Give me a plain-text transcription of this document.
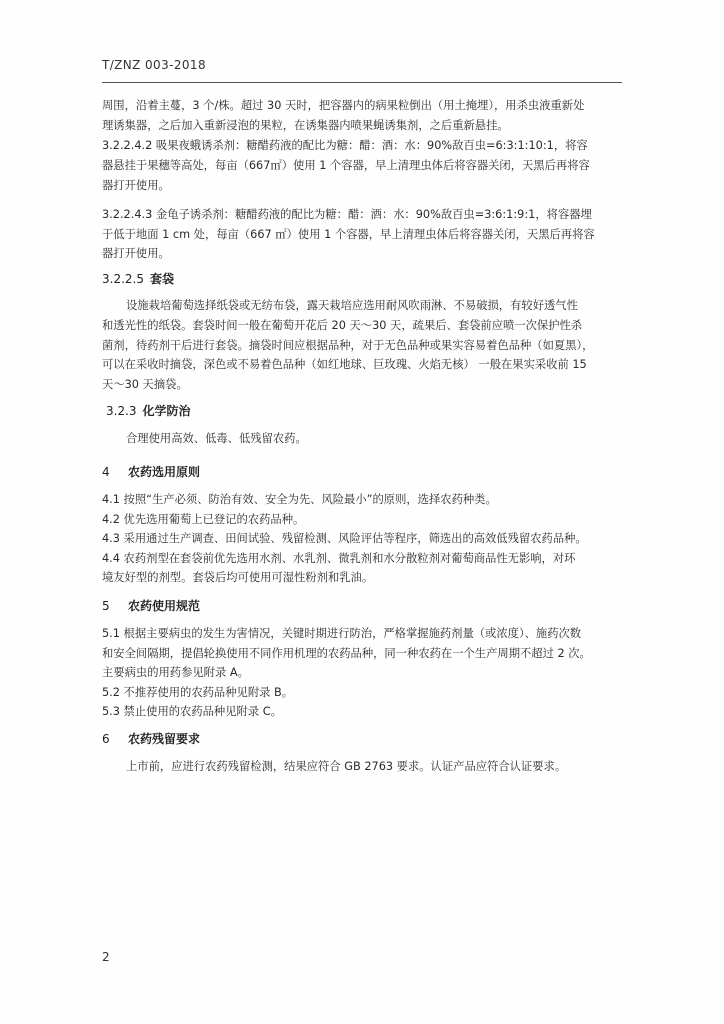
T/ZNZ 003-2018
周围，沿着主蔓，3 个/株。超过 30 天时，把容器内的病果粒倒出（用土掩埋），用杀虫液重新处
理诱集器，之后加入重新浸泡的果粒，在诱集器内喷果蝇诱集剂，之后重新悬挂。
3.2.2.4.2 吸果夜蛾诱杀剂：糖醋药液的配比为糖：醋：酒：水：90%敌百虫=6:3:1:10:1，将容
器悬挂于果穗等高处，每亩（667㎡）使用 1 个容器，早上清理虫体后将容器关闭，天黑后再将容
器打开使用。
3.2.2.4.3 金龟子诱杀剂：糖醋药液的配比为糖：醋：酒：水：90%敌百虫=3:6:1:9:1，将容器埋
于低于地面 1 cm 处，每亩（667 ㎡）使用 1 个容器，早上清理虫体后将容器关闭，天黑后再将容
器打开使用。
3.2.2.5 套袋
设施栽培葡萄选择纸袋或无纺布袋，露天栽培应选用耐风吹雨淋、不易破损，有较好透气性
和透光性的纸袋。套袋时间一般在葡萄开花后 20 天～30 天，疏果后、套袋前应喷一次保护性杀
菌剂，待药剂干后进行套袋。摘袋时间应根据品种，对于无色品种或果实容易着色品种（如夏黑），
可以在采收时摘袋，深色或不易着色品种（如红地球、巨玫瑰、火焰无核） 一般在果实采收前 15
天～30 天摘袋。
3.2.3 化学防治
合理使用高效、低毒、低残留农药。
4 农药选用原则
4.1 按照“生产必须、防治有效、安全为先、风险最小”的原则，选择农药种类。
4.2 优先选用葡萄上已登记的农药品种。
4.3 采用通过生产调查、田间试验、残留检测、风险评估等程序，筛选出的高效低残留农药品种。
4.4 农药剂型在套袋前优先选用水剂、水乳剂、微乳剂和水分散粒剂对葡萄商品性无影响，对环
境友好型的剂型。套袋后均可使用可湿性粉剂和乳油。
5 农药使用规范
5.1 根据主要病虫的发生为害情况，关键时期进行防治，严格掌握施药剂量（或浓度）、施药次数
和安全间隔期，提倡轮换使用不同作用机理的农药品种，同一种农药在一个生产周期不超过 2 次。
主要病虫的用药参见附录 A。
5.2 不推荐使用的农药品种见附录 B。
5.3 禁止使用的农药品种见附录 C。
6 农药残留要求
上市前，应进行农药残留检测，结果应符合 GB 2763 要求。认证产品应符合认证要求。
2
